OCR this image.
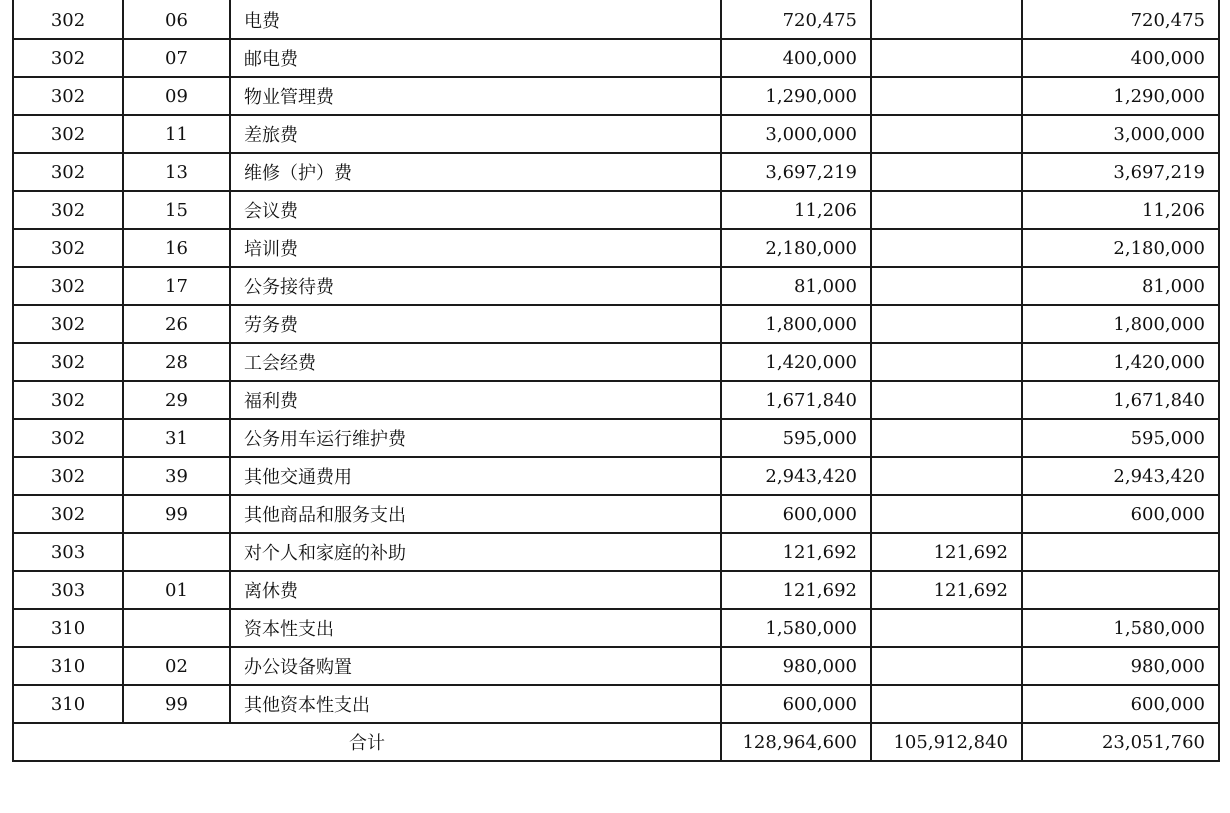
302	06	电费	720,475		720,475
302	07	邮电费	400,000		400,000
302	09	物业管理费	1,290,000		1,290,000
302	11	差旅费	3,000,000		3,000,000
302	13	维修（护）费	3,697,219		3,697,219
302	15	会议费	11,206		11,206
302	16	培训费	2,180,000		2,180,000
302	17	公务接待费	81,000		81,000
302	26	劳务费	1,800,000		1,800,000
302	28	工会经费	1,420,000		1,420,000
302	29	福利费	1,671,840		1,671,840
302	31	公务用车运行维护费	595,000		595,000
302	39	其他交通费用	2,943,420		2,943,420
302	99	其他商品和服务支出	600,000		600,000
303		对个人和家庭的补助	121,692	121,692	
303	01	离休费	121,692	121,692	
310		资本性支出	1,580,000		1,580,000
310	02	办公设备购置	980,000		980,000
310	99	其他资本性支出	600,000		600,000
合计			128,964,600	105,912,840	23,051,760
